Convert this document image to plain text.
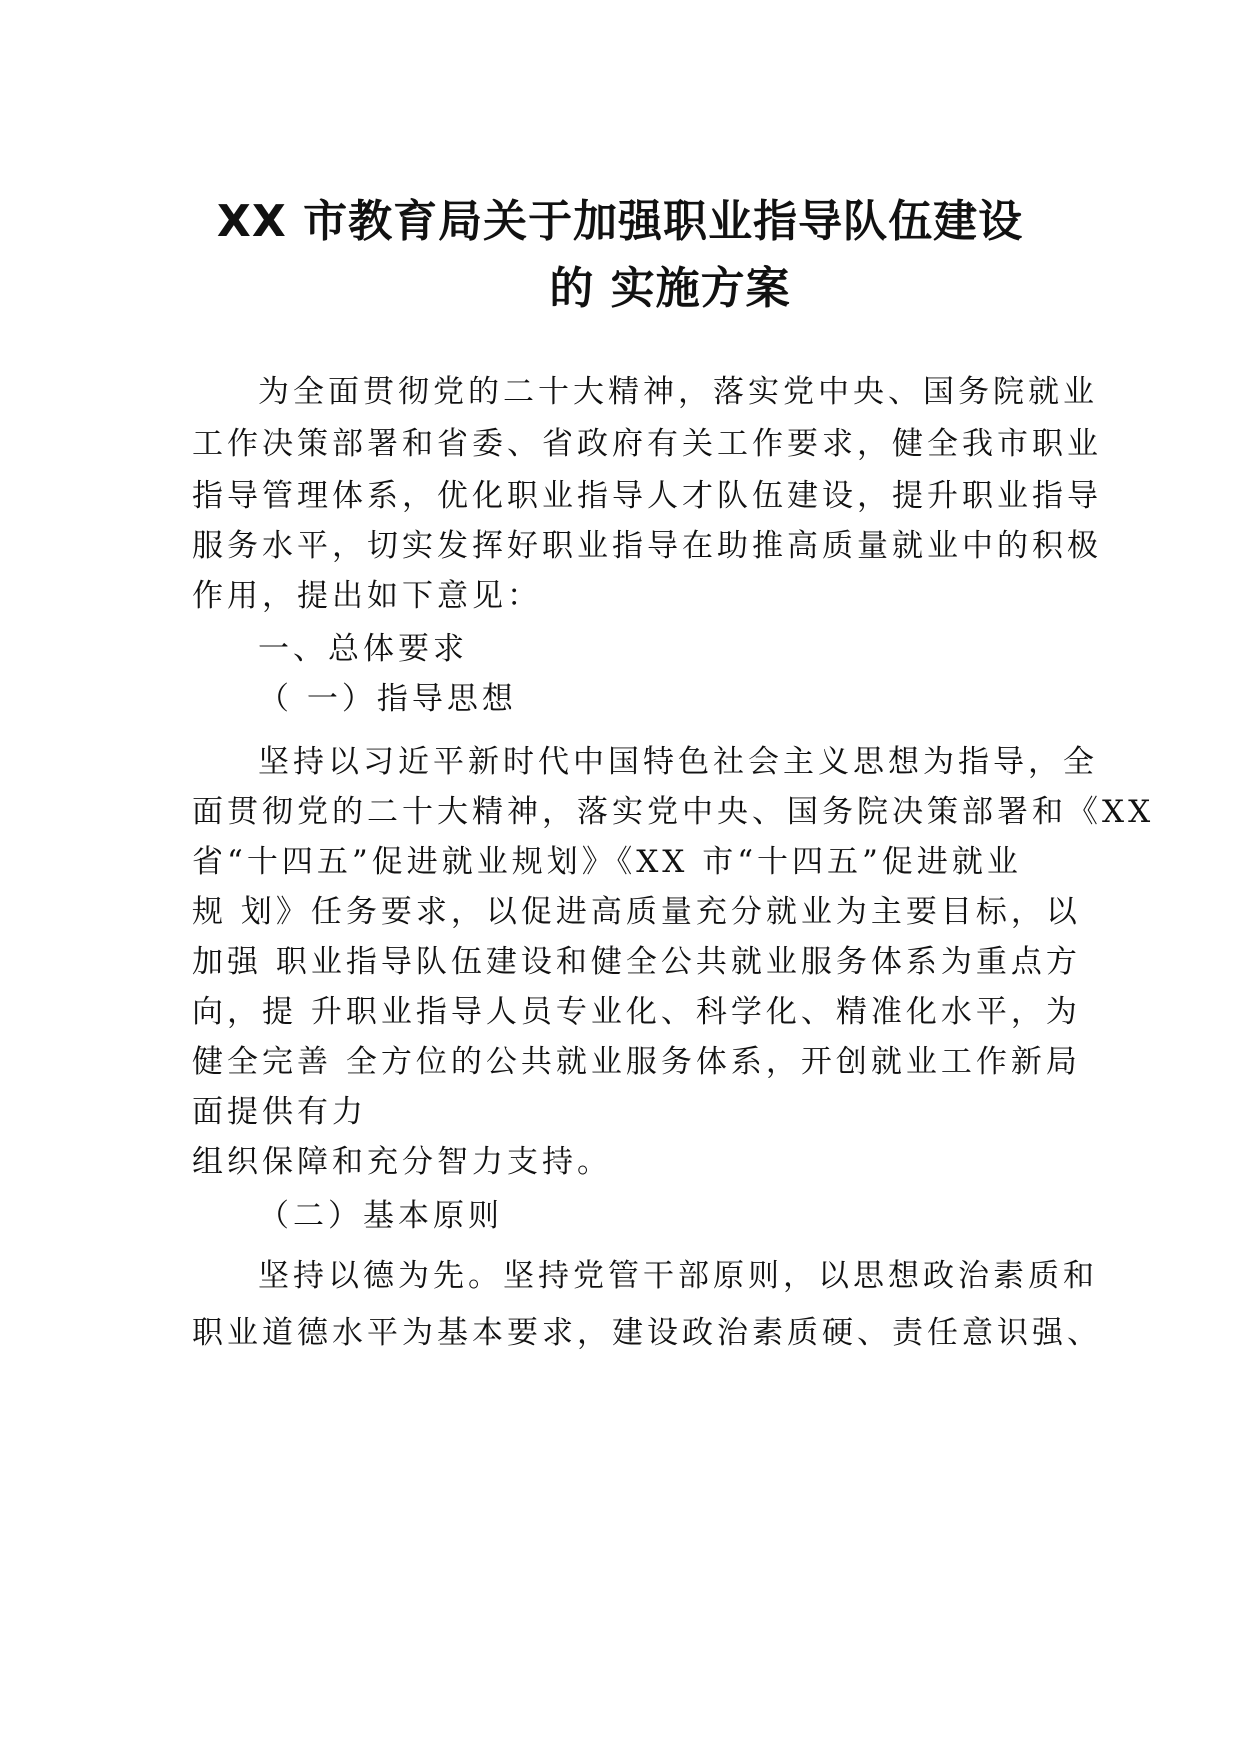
XX 市教育局关于加强职业指导队伍建设
的 实施方案
为全面贯彻党的二十大精神，落实党中央、国务院就业
工作决策部署和省委、省政府有关工作要求，健全我市职业
指导管理体系，优化职业指导人才队伍建设，提升职业指导
服务水平，切实发挥好职业指导在助推高质量就业中的积极
作用，提出如下意见：
一、总体要求
（ 一）指导思想
坚持以习近平新时代中国特色社会主义思想为指导，全
面贯彻党的二十大精神，落实党中央、国务院决策部署和《XX
省“十四五”促进就业规划》《XX 市“十四五”促进就业
规 划》任务要求，以促进高质量充分就业为主要目标，以
加强 职业指导队伍建设和健全公共就业服务体系为重点方
向，提 升职业指导人员专业化、科学化、精准化水平，为
健全完善 全方位的公共就业服务体系，开创就业工作新局
面提供有力
组织保障和充分智力支持。
（二）基本原则
坚持以德为先。坚持党管干部原则，以思想政治素质和
职业道德水平为基本要求，建设政治素质硬、责任意识强、
